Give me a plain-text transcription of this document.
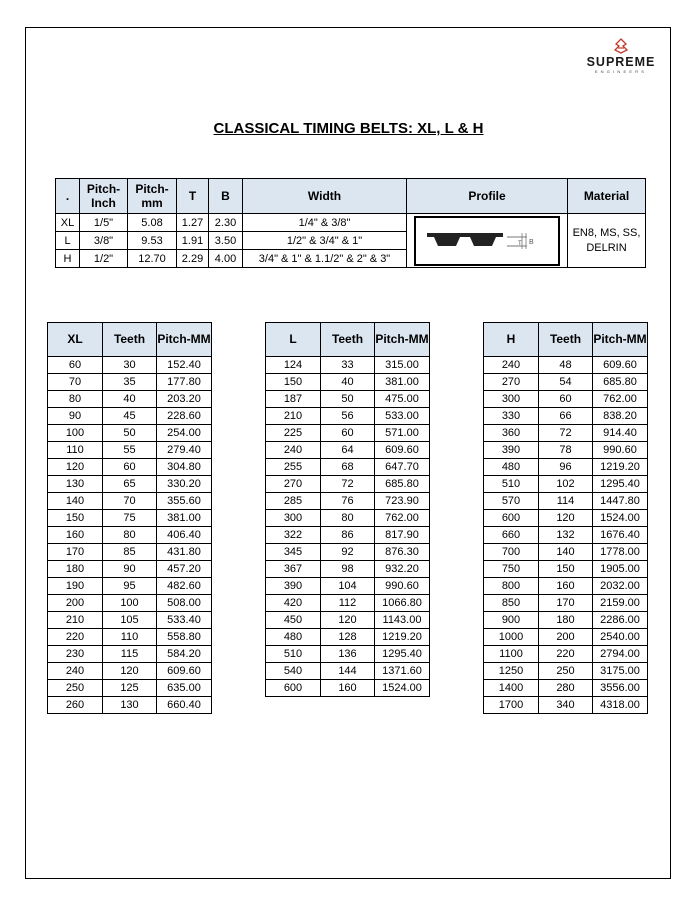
SUPREME
ENGINEERS
CLASSICAL TIMING BELTS: XL, L & H
.	Pitch-Inch	Pitch-mm	T	B	Width	Profile	Material
XL	1/5"	5.08	1.27	2.30	1/4" & 3/8"	T B	EN8, MS, SS, DELRIN
L	3/8"	9.53	1.91	3.50	1/2" & 3/4" & 1"		
H	1/2"	12.70	2.29	4.00	3/4" & 1" & 1.1/2" & 2" & 3"		
XL	Teeth	Pitch-MM
60	30	152.40
70	35	177.80
80	40	203.20
90	45	228.60
100	50	254.00
110	55	279.40
120	60	304.80
130	65	330.20
140	70	355.60
150	75	381.00
160	80	406.40
170	85	431.80
180	90	457.20
190	95	482.60
200	100	508.00
210	105	533.40
220	110	558.80
230	115	584.20
240	120	609.60
250	125	635.00
260	130	660.40
L	Teeth	Pitch-MM
124	33	315.00
150	40	381.00
187	50	475.00
210	56	533.00
225	60	571.00
240	64	609.60
255	68	647.70
270	72	685.80
285	76	723.90
300	80	762.00
322	86	817.90
345	92	876.30
367	98	932.20
390	104	990.60
420	112	1066.80
450	120	1143.00
480	128	1219.20
510	136	1295.40
540	144	1371.60
600	160	1524.00
H	Teeth	Pitch-MM
240	48	609.60
270	54	685.80
300	60	762.00
330	66	838.20
360	72	914.40
390	78	990.60
480	96	1219.20
510	102	1295.40
570	114	1447.80
600	120	1524.00
660	132	1676.40
700	140	1778.00
750	150	1905.00
800	160	2032.00
850	170	2159.00
900	180	2286.00
1000	200	2540.00
1100	220	2794.00
1250	250	3175.00
1400	280	3556.00
1700	340	4318.00
